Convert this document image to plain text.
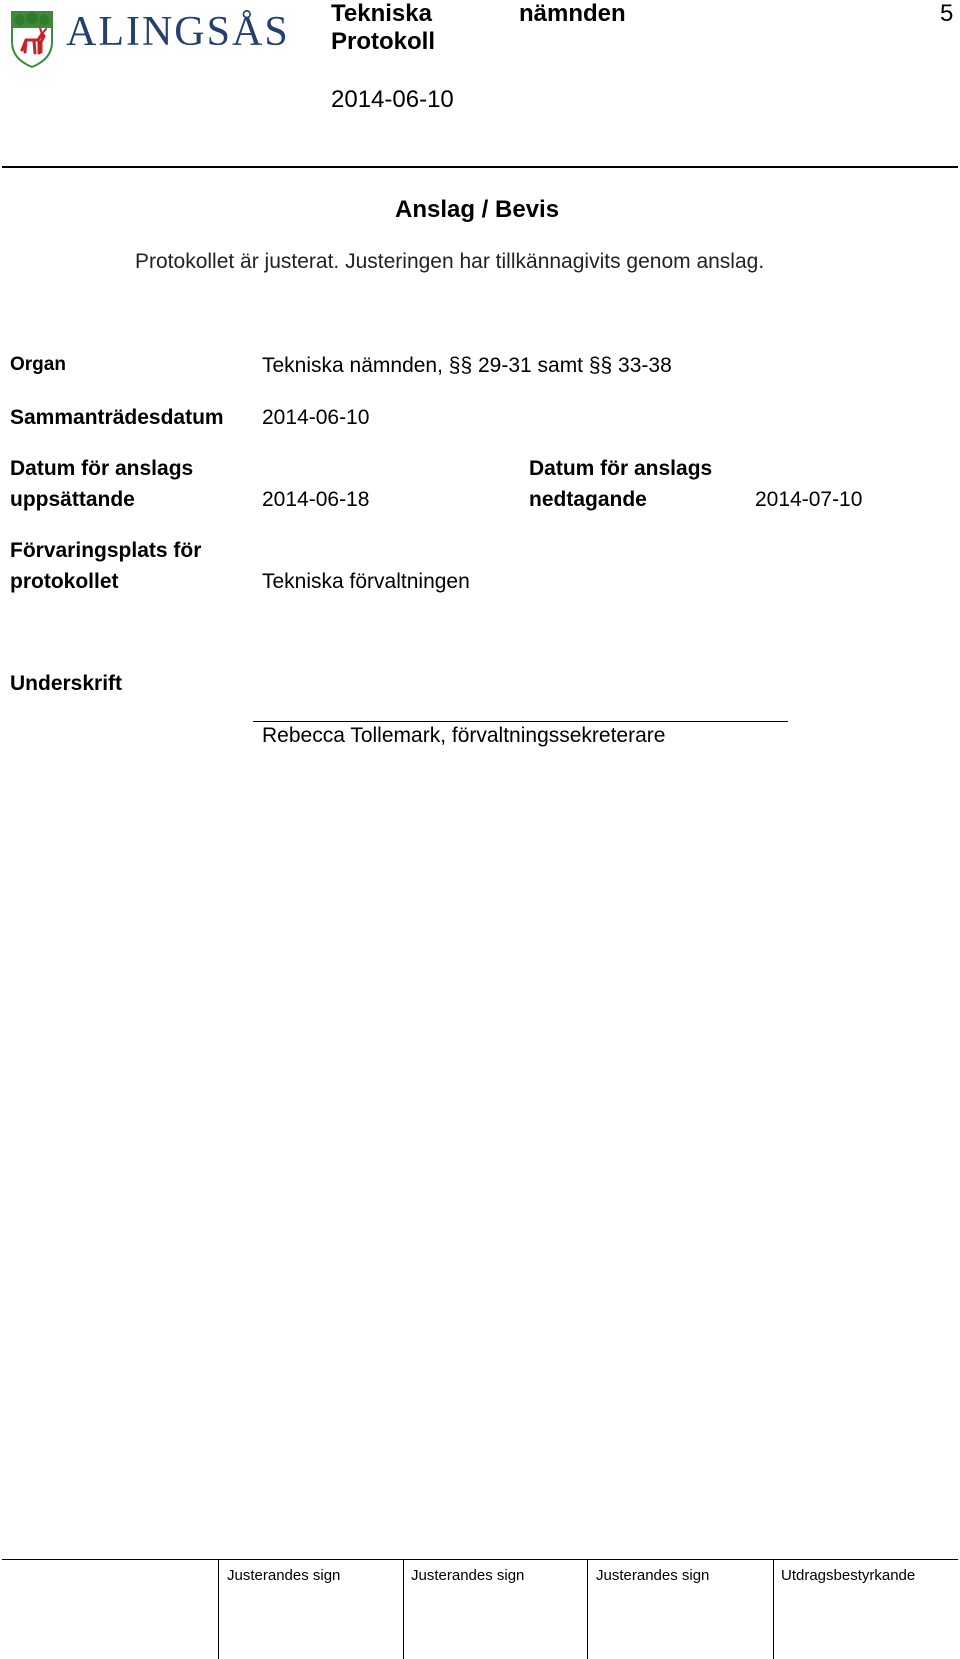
ALINGSÅS Tekniska	nämnden
Protokoll
2014-06-10
5
Anslag / Bevis
Protokollet är justerat. Justeringen har tillkännagivits genom anslag.
Organ	Tekniska nämnden, §§ 29-31 samt §§ 33-38
Sammanträdesdatum 2014-06-10
Datum för anslags
uppsättande	2014-06-18
Datum för anslags
nedtagande	2014-07-10
Förvaringsplats för
protokollet	Tekniska förvaltningen
Underskrift
Rebecca Tollemark, förvaltningssekreterare
Justerandes sign	Justerandes sign	Justerandes sign	Utdragsbestyrkande
